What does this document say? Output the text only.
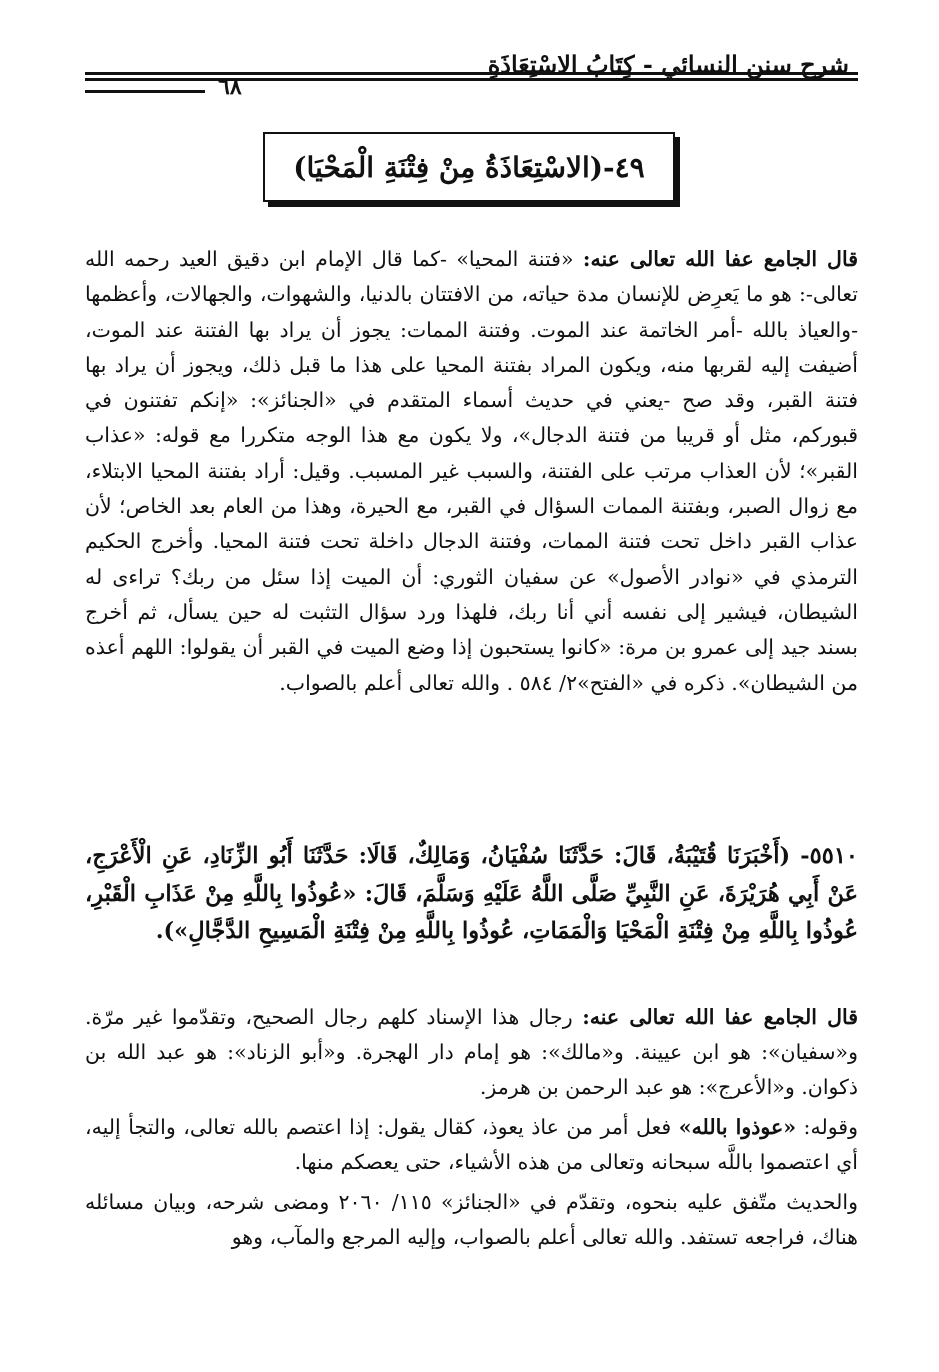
شرح سنن النسائي - كِتَابُ الاسْتِعَاذَةِ
٦٨
٤٩-(الاسْتِعَاذَةُ مِنْ فِتْنَةِ الْمَحْيَا)

قال الجامع عفا الله تعالى عنه: «فتنة المحيا» -كما قال الإمام ابن دقيق العيد رحمه الله تعالى-: هو ما يَعرِض للإنسان مدة حياته، من الافتتان بالدنيا، والشهوات، والجهالات، وأعظمها -والعياذ بالله -أمر الخاتمة عند الموت. وفتنة الممات: يجوز أن يراد بها الفتنة عند الموت، أضيفت إليه لقربها منه، ويكون المراد بفتنة المحيا على هذا ما قبل ذلك، ويجوز أن يراد بها فتنة القبر، وقد صح -يعني في حديث أسماء المتقدم في «الجنائز»: «إنكم تفتنون في قبوركم، مثل أو قريبا من فتنة الدجال»، ولا يكون مع هذا الوجه متكررا مع قوله: «عذاب القبر»؛ لأن العذاب مرتب على الفتنة، والسبب غير المسبب. وقيل: أراد بفتنة المحيا الابتلاء، مع زوال الصبر، وبفتنة الممات السؤال في القبر، مع الحيرة، وهذا من العام بعد الخاص؛ لأن عذاب القبر داخل تحت فتنة الممات، وفتنة الدجال داخلة تحت فتنة المحيا. وأخرج الحكيم الترمذي في «نوادر الأصول» عن سفيان الثوري: أن الميت إذا سئل من ربك؟ تراءى له الشيطان، فيشير إلى نفسه أني أنا ربك، فلهذا ورد سؤال التثبت له حين يسأل، ثم أخرج بسند جيد إلى عمرو بن مرة: «كانوا يستحبون إذا وضع الميت في القبر أن يقولوا: اللهم أعذه من الشيطان». ذكره في «الفتح»٢/ ٥٨٤ . والله تعالى أعلم بالصواب.

٥٥١٠- (أَخْبَرَنَا قُتَيْبَةُ، قَالَ: حَدَّثَنَا سُفْيَانُ، وَمَالِكٌ، قَالَا: حَدَّثَنَا أَبُو الزِّنَادِ، عَنِ الْأَعْرَجِ، عَنْ أَبِي هُرَيْرَةَ، عَنِ النَّبِيِّ صَلَّى اللَّهُ عَلَيْهِ وَسَلَّمَ، قَالَ: «عُوذُوا بِاللَّهِ مِنْ عَذَابِ الْقَبْرِ، عُوذُوا بِاللَّهِ مِنْ فِتْنَةِ الْمَحْيَا وَالْمَمَاتِ، عُوذُوا بِاللَّهِ مِنْ فِتْنَةِ الْمَسِيحِ الدَّجَّالِ»).

قال الجامع عفا الله تعالى عنه: رجال هذا الإسناد كلهم رجال الصحيح، وتقدّموا غير مرّة. و«سفيان»: هو ابن عيينة. و«مالك»: هو إمام دار الهجرة. و«أبو الزناد»: هو عبد الله بن ذكوان. و«الأعرج»: هو عبد الرحمن بن هرمز.

وقوله: «عوذوا بالله» فعل أمر من عاذ يعوذ، كقال يقول: إذا اعتصم بالله تعالى، والتجأ إليه، أي اعتصموا باللَّه سبحانه وتعالى من هذه الأشياء، حتى يعصكم منها.

والحديث متّفق عليه بنحوه، وتقدّم في «الجنائز» ١١٥/ ٢٠٦٠ ومضى شرحه، وبيان مسائله هناك، فراجعه تستفد. والله تعالى أعلم بالصواب، وإليه المرجع والمآب، وهو
